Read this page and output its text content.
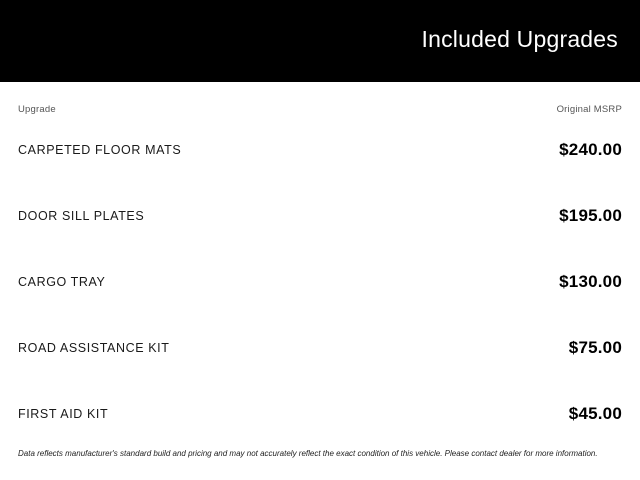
Included Upgrades
Upgrade	Original MSRP
CARPETED FLOOR MATS	$240.00
DOOR SILL PLATES	$195.00
CARGO TRAY	$130.00
ROAD ASSISTANCE KIT	$75.00
FIRST AID KIT	$45.00
Data reflects manufacturer's standard build and pricing and may not accurately reflect the exact condition of this vehicle. Please contact dealer for more information.
